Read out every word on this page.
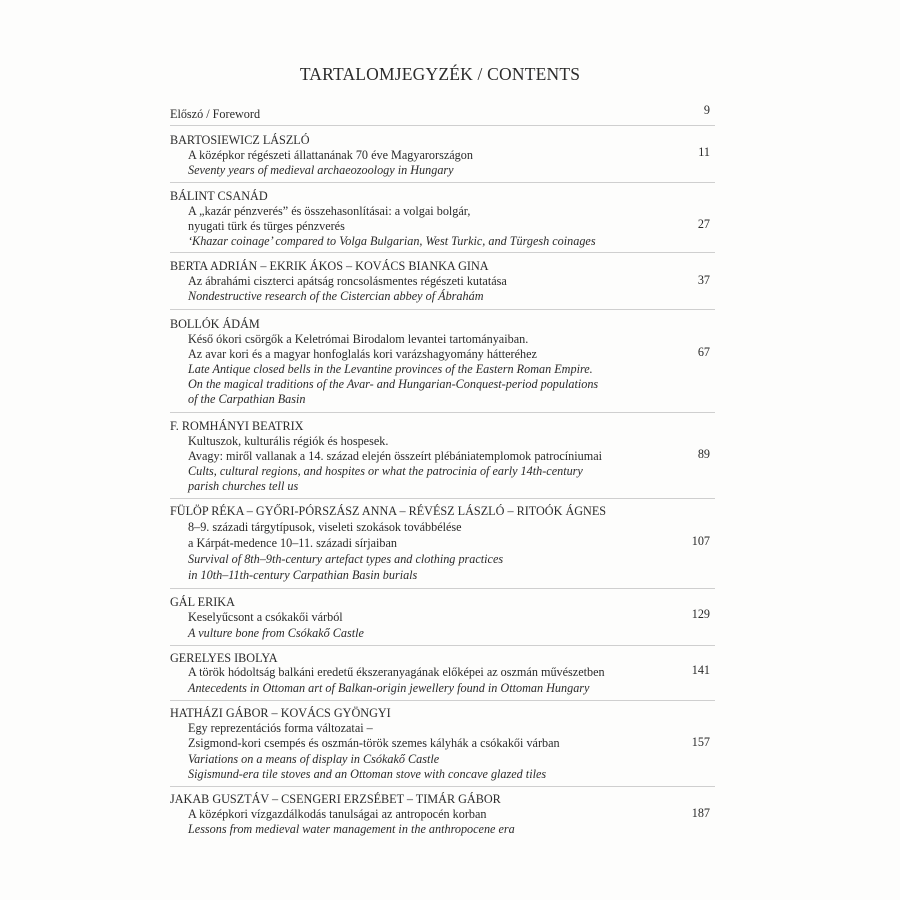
TARTALOMJEGYZÉK / CONTENTS
Előszó / Foreword	9
BARTOSIEWICZ LÁSZLÓ
A középkor régészeti állattanának 70 éve Magyarországon
Seventy years of medieval archaeozoology in Hungary
11
BÁLINT CSANÁD
A „kazár pénzverés” és összehasonlításai: a volgai bolgár,
nyugati türk és türges pénzverés
‘Khazar coinage’ compared to Volga Bulgarian, West Turkic, and Türgesh coinages
27
BERTA ADRIÁN – EKRIK ÁKOS – KOVÁCS BIANKA GINA
Az ábrahámi ciszterci apátság roncsolásmentes régészeti kutatása
Nondestructive research of the Cistercian abbey of Ábrahám
37
BOLLÓK ÁDÁM
Késő ókori csörgők a Keletrómai Birodalom levantei tartományaiban.
Az avar kori és a magyar honfoglalás kori varázshagyomány hátteréhez
Late Antique closed bells in the Levantine provinces of the Eastern Roman Empire.
On the magical traditions of the Avar- and Hungarian-Conquest-period populations
of the Carpathian Basin
67
F. ROMHÁNYI BEATRIX
Kultuszok, kulturális régiók és hospesek.
Avagy: miről vallanak a 14. század elején összeírt plébániatemplomok patrocíniumai
Cults, cultural regions, and hospites or what the patrocinia of early 14th-century
parish churches tell us
89
FÜLÖP RÉKA – GYŐRI-PÓRSZÁSZ ANNA – RÉVÉSZ LÁSZLÓ – RITOÓK ÁGNES
8–9. századi tárgytípusok, viseleti szokások továbbélése
a Kárpát-medence 10–11. századi sírjaiban
Survival of 8th–9th-century artefact types and clothing practices
in 10th–11th-century Carpathian Basin burials
107
GÁL ERIKA
Keselyűcsont a csókakői várból
A vulture bone from Csókakő Castle
129
GERELYES IBOLYA
A török hódoltság balkáni eredetű ékszeranyagának előképei az oszmán művészetben
Antecedents in Ottoman art of Balkan-origin jewellery found in Ottoman Hungary
141
HATHÁZI GÁBOR – KOVÁCS GYÖNGYI
Egy reprezentációs forma változatai –
Zsigmond-kori csempés és oszmán-török szemes kályhák a csókakői várban
Variations on a means of display in Csókakő Castle
Sigismund-era tile stoves and an Ottoman stove with concave glazed tiles
157
JAKAB GUSZTÁV – CSENGERI ERZSÉBET – TIMÁR GÁBOR
A középkori vízgazdálkodás tanulságai az antropocén korban
Lessons from medieval water management in the anthropocene era
187
